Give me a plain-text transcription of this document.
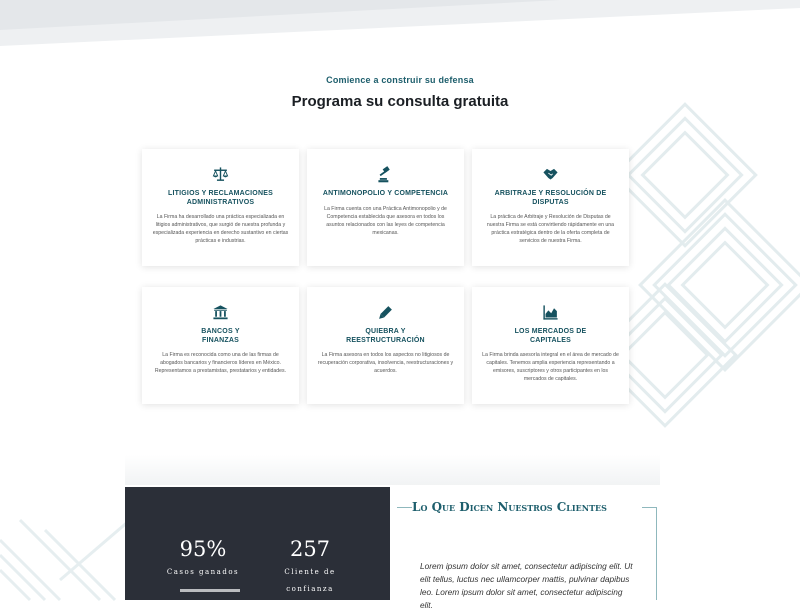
Comience a construir su defensa
Programa su consulta gratuita
LITIGIOS Y RECLAMACIONES ADMINISTRATIVOS
La Firma ha desarrollado una práctica especializada en litigios administrativos, que surgió de nuestra profunda y especializada experiencia en derecho sustantivo en ciertas prácticas e industrias.
ANTIMONOPOLIO Y COMPETENCIA
La Firma cuenta con una Práctica Antimonopolio y de Competencia establecida que asesora en todos los asuntos relacionados con las leyes de competencia mexicanas.
ARBITRAJE Y RESOLUCIÓN DE DISPUTAS
La práctica de Arbitraje y Resolución de Disputas de nuestra Firma se está convirtiendo rápidamente en una práctica estratégica dentro de la oferta completa de servicios de nuestra Firma.
BANCOS Y FINANZAS
La Firma es reconocida como una de las firmas de abogados bancarios y financieros líderes en México. Representamos a prestamistas, prestatarios y entidades.
QUIEBRA Y REESTRUCTURACIÓN
La Firma asesora en todos los aspectos no litigiosos de recuperación corporativa, insolvencia, reestructuraciones y acuerdos.
LOS MERCADOS DE CAPITALES
La Firma brinda asesoría integral en el área de mercado de capitales. Tenemos amplia experiencia representando a emisores, suscriptores y otros participantes en los mercados de capitales.
95%
Casos ganados
257
Cliente de confianza
Lo Que Dicen Nuestros Clientes
Lorem ipsum dolor sit amet, consectetur adipiscing elit. Ut elit tellus, luctus nec ullamcorper mattis, pulvinar dapibus leo. Lorem ipsum dolor sit amet, consectetur adipiscing elit.
